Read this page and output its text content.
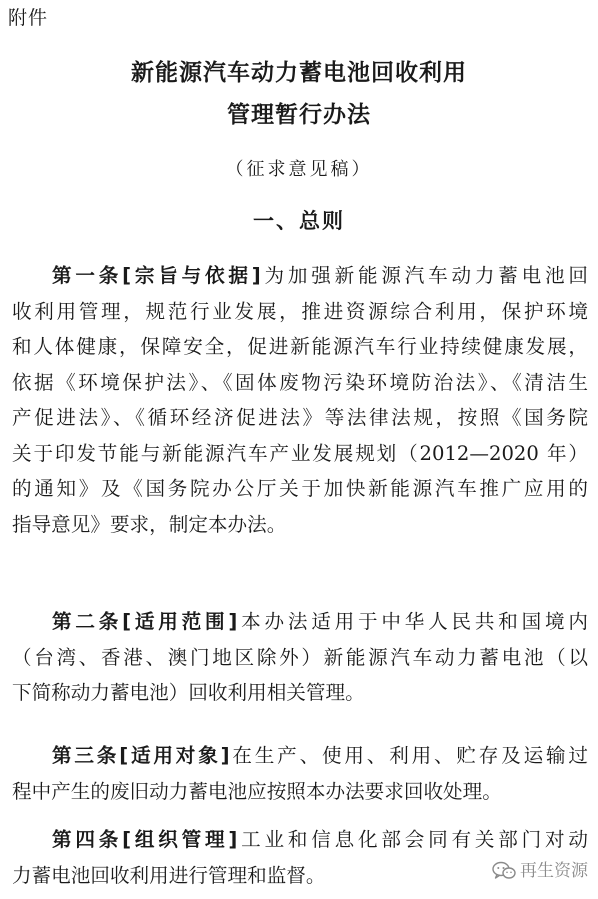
附件
新能源汽车动力蓄电池回收利用
管理暂行办法
（征求意见稿）
一、总则
第一条[宗旨与依据]为加强新能源汽车动力蓄电池回
收利用管理，规范行业发展，推进资源综合利用，保护环境
和人体健康，保障安全，促进新能源汽车行业持续健康发展，
依据《环境保护法》、《固体废物污染环境防治法》、《清洁生
产促进法》、《循环经济促进法》等法律法规，按照《国务院
关于印发节能与新能源汽车产业发展规划（2012—2020 年）
的通知》及《国务院办公厅关于加快新能源汽车推广应用的
指导意见》要求，制定本办法。
第二条[适用范围]本办法适用于中华人民共和国境内
（台湾、香港、澳门地区除外）新能源汽车动力蓄电池（以
下简称动力蓄电池）回收利用相关管理。
第三条[适用对象]在生产、使用、利用、贮存及运输过
程中产生的废旧动力蓄电池应按照本办法要求回收处理。
第四条[组织管理]工业和信息化部会同有关部门对动
力蓄电池回收利用进行管理和监督。	再生资源
